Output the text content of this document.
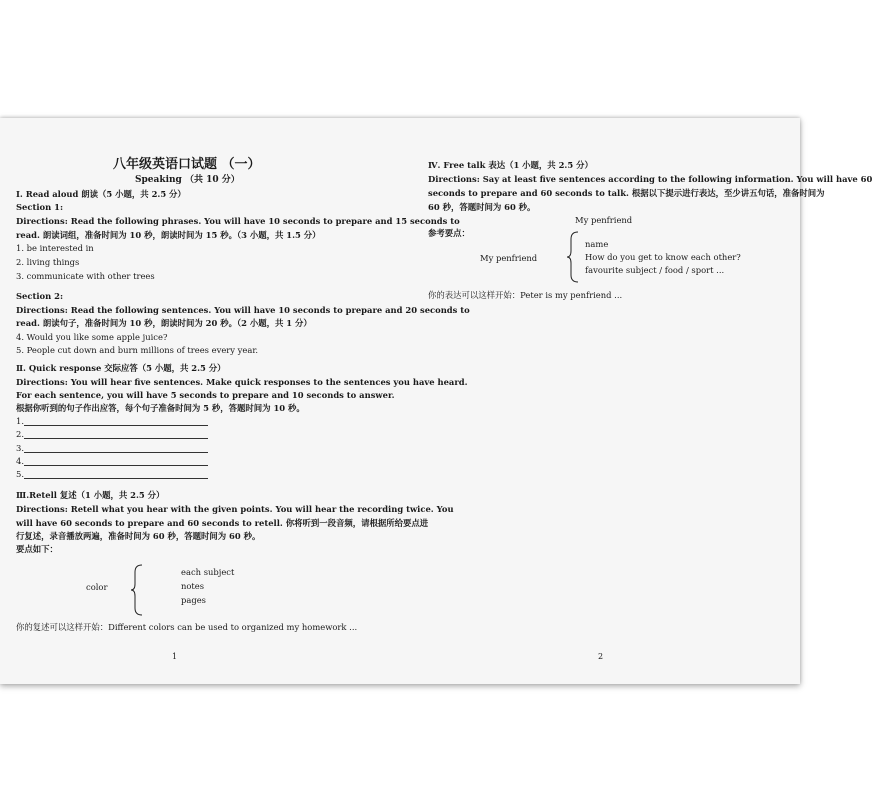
八年级英语口试题 （一）
Speaking （共 10 分）
Ⅰ. Read aloud 朗读（5 小题，共 2.5 分）
Section 1:
Directions: Read the following phrases. You will have 10 seconds to prepare and 15 seconds to
read. 朗读词组，准备时间为 10 秒，朗读时间为 15 秒。（3 小题，共 1.5 分）
1. be interested in
2. living things
3. communicate with other trees
Section 2:
Directions: Read the following sentences. You will have 10 seconds to prepare and 20 seconds to
read. 朗读句子，准备时间为 10 秒，朗读时间为 20 秒。（2 小题，共 1 分）
4. Would you like some apple juice?
5. People cut down and burn millions of trees every year.
Ⅱ. Quick response 交际应答（5 小题，共 2.5 分）
Directions: You will hear five sentences. Make quick responses to the sentences you have heard.
For each sentence, you will have 5 seconds to prepare and 10 seconds to answer.
根据你听到的句子作出应答，每个句子准备时间为 5 秒，答题时间为 10 秒。
1.
2.
3.
4.
5.
Ⅲ.Retell 复述（1 小题，共 2.5 分）
Directions: Retell what you hear with the given points. You will hear the recording twice. You
will have 60 seconds to prepare and 60 seconds to retell. 你将听到一段音频，请根据所给要点进
行复述，录音播放两遍，准备时间为 60 秒，答题时间为 60 秒。
要点如下：
color
each subject
notes
pages
你的复述可以这样开始：Different colors can be used to organized my homework ...
1
Ⅳ. Free talk 表达（1 小题，共 2.5 分）
Directions: Say at least five sentences according to the following information. You will have 60
seconds to prepare and 60 seconds to talk. 根据以下提示进行表达，至少讲五句话，准备时间为
60 秒，答题时间为 60 秒。
My penfriend
参考要点：
My penfriend
name
How do you get to know each other?
favourite subject / food / sport ...
你的表达可以这样开始：Peter is my penfriend ...
2
